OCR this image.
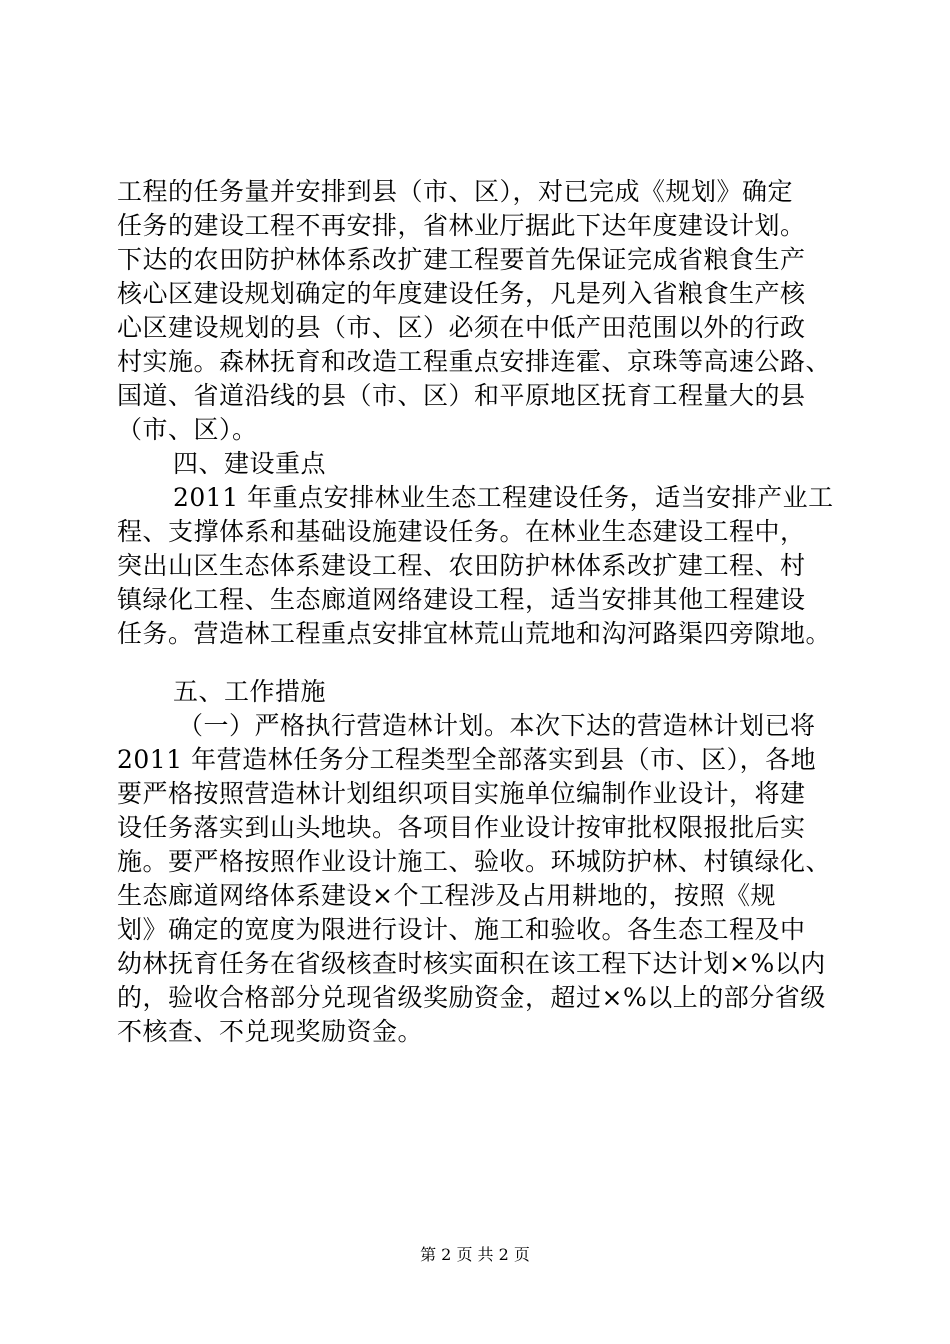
工程的任务量并安排到县（市、区），对已完成《规划》确定
任务的建设工程不再安排，省林业厅据此下达年度建设计划。
下达的农田防护林体系改扩建工程要首先保证完成省粮食生产
核心区建设规划确定的年度建设任务，凡是列入省粮食生产核
心区建设规划的县（市、区）必须在中低产田范围以外的行政
村实施。森林抚育和改造工程重点安排连霍、京珠等高速公路、
国道、省道沿线的县（市、区）和平原地区抚育工程量大的县
（市、区）。
四、建设重点
2011 年重点安排林业生态工程建设任务，适当安排产业工
程、支撑体系和基础设施建设任务。在林业生态建设工程中，
突出山区生态体系建设工程、农田防护林体系改扩建工程、村
镇绿化工程、生态廊道网络建设工程，适当安排其他工程建设
任务。营造林工程重点安排宜林荒山荒地和沟河路渠四旁隙地。
五、工作措施
（一）严格执行营造林计划。本次下达的营造林计划已将
2011 年营造林任务分工程类型全部落实到县（市、区），各地
要严格按照营造林计划组织项目实施单位编制作业设计，将建
设任务落实到山头地块。各项目作业设计按审批权限报批后实
施。要严格按照作业设计施工、验收。环城防护林、村镇绿化、
生态廊道网络体系建设×个工程涉及占用耕地的，按照《规
划》确定的宽度为限进行设计、施工和验收。各生态工程及中
幼林抚育任务在省级核查时核实面积在该工程下达计划×%以内
的，验收合格部分兑现省级奖励资金，超过×%以上的部分省级
不核查、不兑现奖励资金。
第 2 页 共 2 页
